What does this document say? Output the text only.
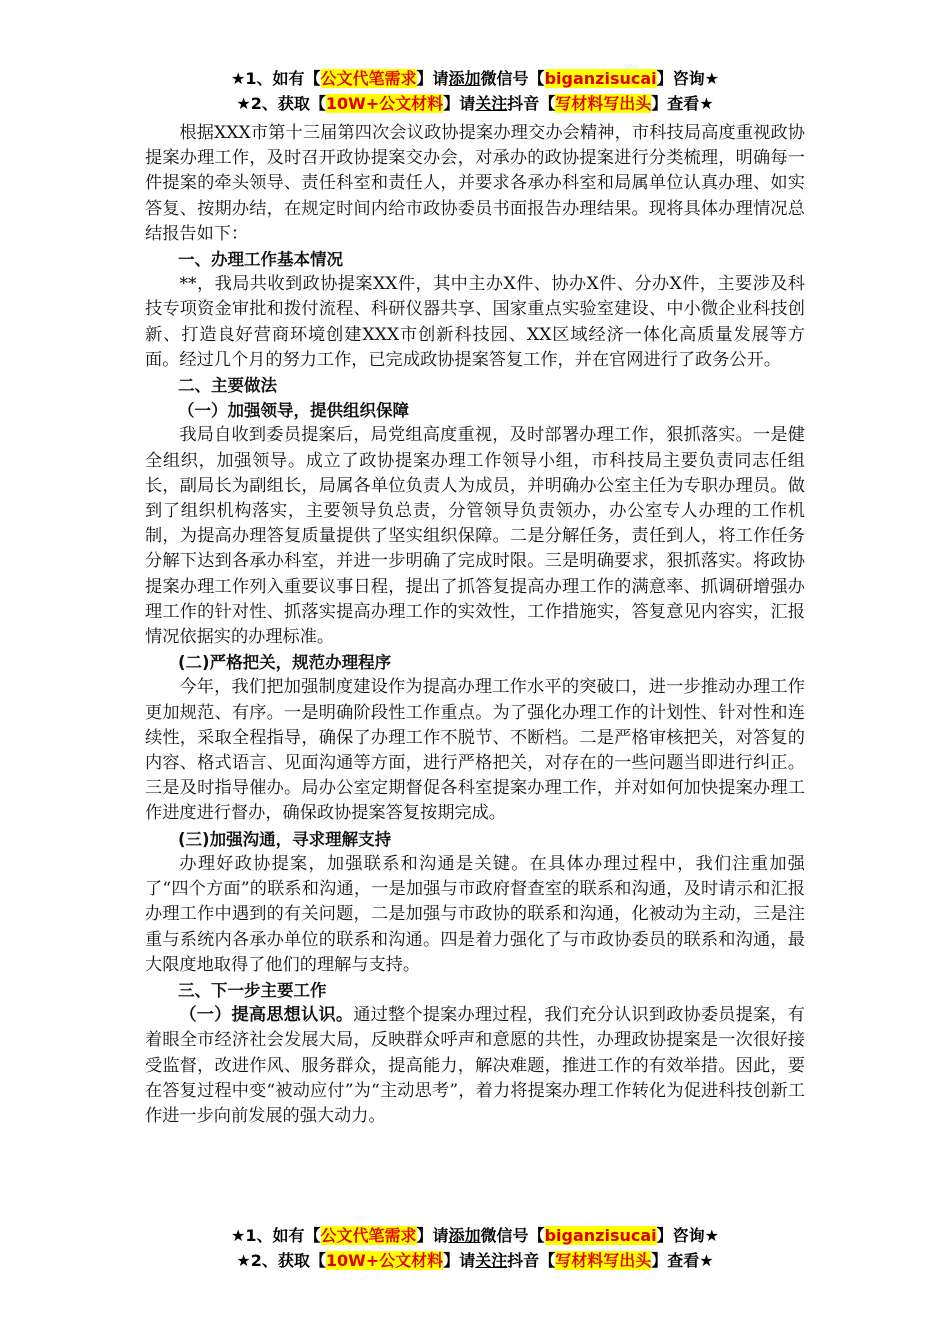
★1、如有【公文代笔需求】请添加微信号【biganzisucai】咨询★
★2、获取【10W+公文材料】请关注抖音【写材料写出头】查看★

根据XXX市第十三届第四次会议政协提案办理交办会精神，市科技局高度重视政协提案办理工作，及时召开政协提案交办会，对承办的政协提案进行分类梳理，明确每一件提案的牵头领导、责任科室和责任人，并要求各承办科室和局属单位认真办理、如实答复、按期办结，在规定时间内给市政协委员书面报告办理结果。现将具体办理情况总结报告如下：

一、办理工作基本情况

**，我局共收到政协提案XX件，其中主办X件、协办X件、分办X件，主要涉及科技专项资金审批和拨付流程、科研仪器共享、国家重点实验室建设、中小微企业科技创新、打造良好营商环境创建XXX市创新科技园、XX区域经济一体化高质量发展等方面。经过几个月的努力工作，已完成政协提案答复工作，并在官网进行了政务公开。

二、主要做法

（一）加强领导，提供组织保障

我局自收到委员提案后，局党组高度重视，及时部署办理工作，狠抓落实。一是健全组织，加强领导。成立了政协提案办理工作领导小组，市科技局主要负责同志任组长，副局长为副组长，局属各单位负责人为成员，并明确办公室主任为专职办理员。做到了组织机构落实，主要领导负总责，分管领导负责领办，办公室专人办理的工作机制，为提高办理答复质量提供了坚实组织保障。二是分解任务，责任到人，将工作任务分解下达到各承办科室，并进一步明确了完成时限。三是明确要求，狠抓落实。将政协提案办理工作列入重要议事日程，提出了抓答复提高办理工作的满意率、抓调研增强办理工作的针对性、抓落实提高办理工作的实效性，工作措施实，答复意见内容实，汇报情况依据实的办理标准。

(二)严格把关，规范办理程序

今年，我们把加强制度建设作为提高办理工作水平的突破口，进一步推动办理工作更加规范、有序。一是明确阶段性工作重点。为了强化办理工作的计划性、针对性和连续性，采取全程指导，确保了办理工作不脱节、不断档。二是严格审核把关，对答复的内容、格式语言、见面沟通等方面，进行严格把关，对存在的一些问题当即进行纠正。三是及时指导催办。局办公室定期督促各科室提案办理工作，并对如何加快提案办理工作进度进行督办，确保政协提案答复按期完成。

(三)加强沟通，寻求理解支持

办理好政协提案，加强联系和沟通是关键。在具体办理过程中，我们注重加强了“四个方面”的联系和沟通，一是加强与市政府督查室的联系和沟通，及时请示和汇报办理工作中遇到的有关问题，二是加强与市政协的联系和沟通，化被动为主动，三是注重与系统内各承办单位的联系和沟通。四是着力强化了与市政协委员的联系和沟通，最大限度地取得了他们的理解与支持。

三、下一步主要工作

（一）提高思想认识。通过整个提案办理过程，我们充分认识到政协委员提案，有着眼全市经济社会发展大局，反映群众呼声和意愿的共性，办理政协提案是一次很好接受监督，改进作风、服务群众，提高能力，解决难题，推进工作的有效举措。因此，要在答复过程中变“被动应付”为“主动思考”，着力将提案办理工作转化为促进科技创新工作进一步向前发展的强大动力。

★1、如有【公文代笔需求】请添加微信号【biganzisucai】咨询★
★2、获取【10W+公文材料】请关注抖音【写材料写出头】查看★
